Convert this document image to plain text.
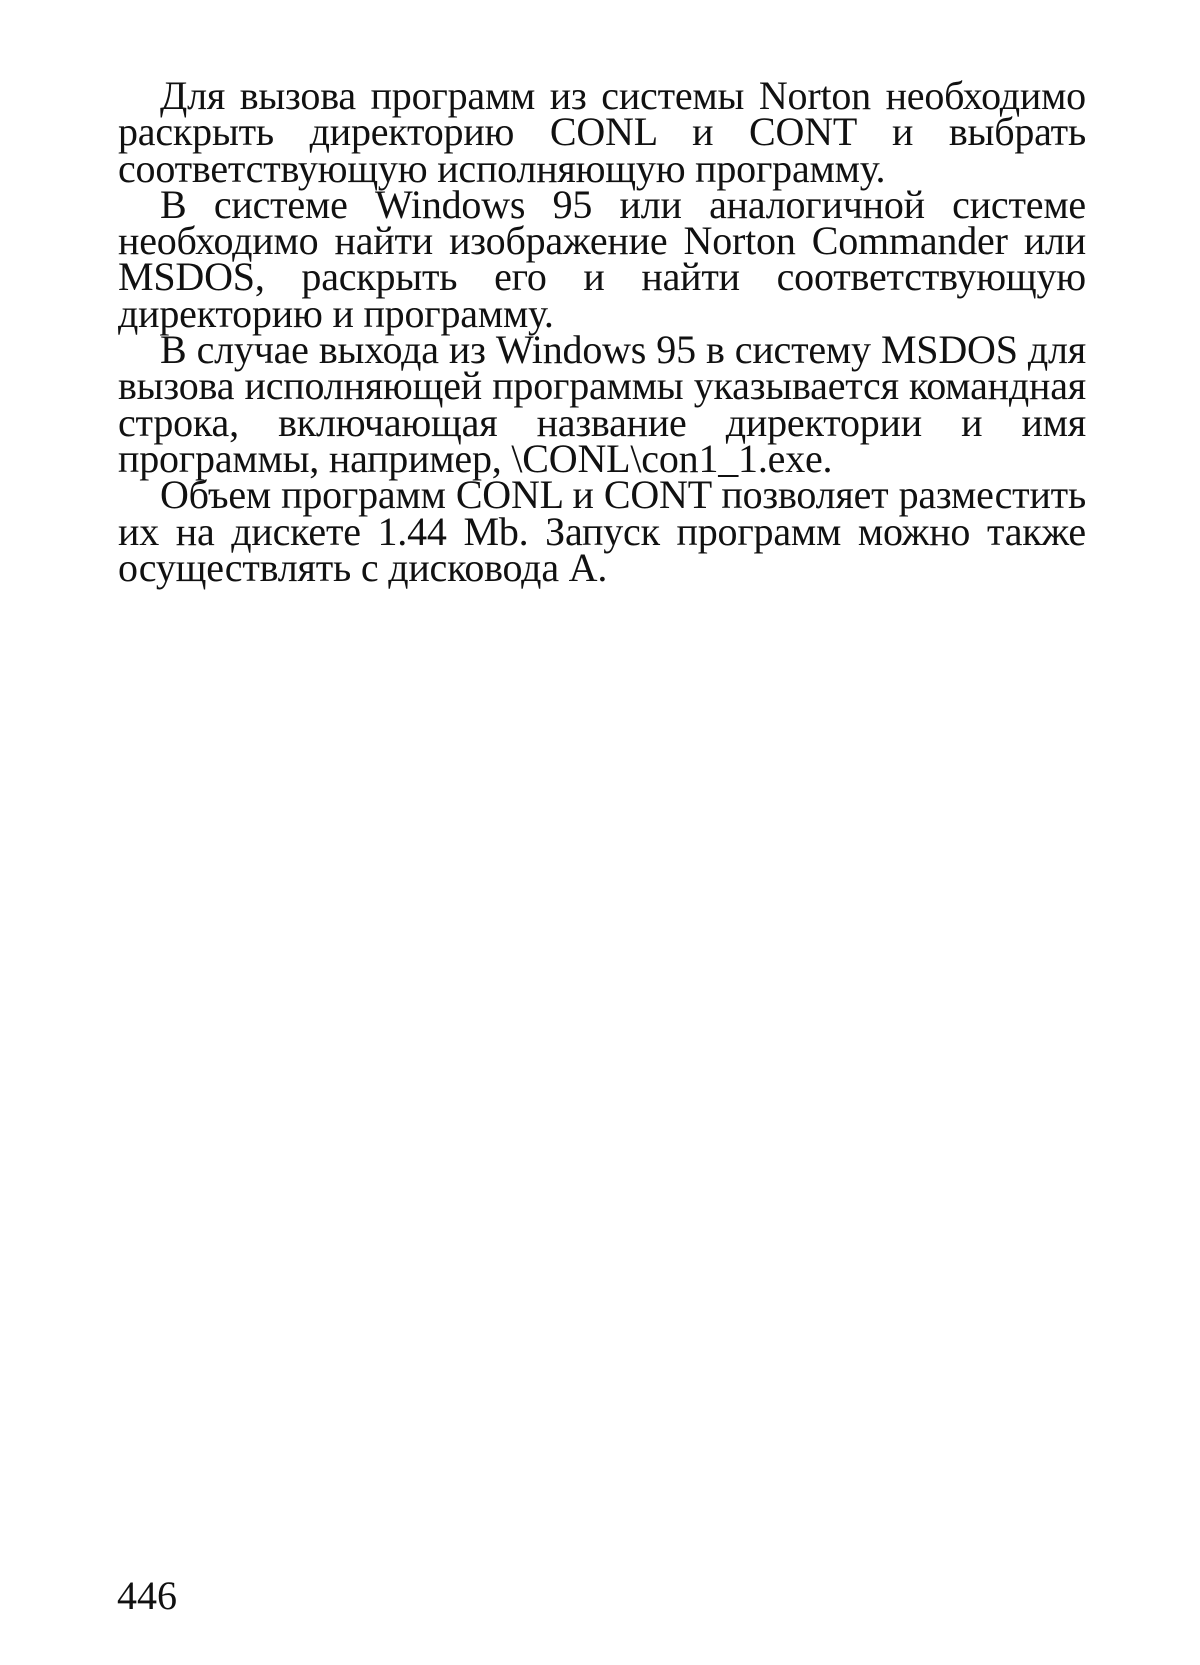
Для вызова программ из системы Norton необходимо раскрыть директорию CONL и CONT и выбрать соответствующую исполняющую программу.

В системе Windows 95 или аналогичной системе необходимо найти изображение Norton Commander или MSDOS, раскрыть его и найти соответствующую директорию и программу.

В случае выхода из Windows 95 в систему MSDOS для вызова исполняющей программы указывается командная строка, включающая название директории и имя программы, например, \CONL\con1_1.exe.

Объем программ CONL и CONT позволяет разместить их на дискете 1.44 Mb. Запуск программ можно также осуществлять с дисковода А.

446
